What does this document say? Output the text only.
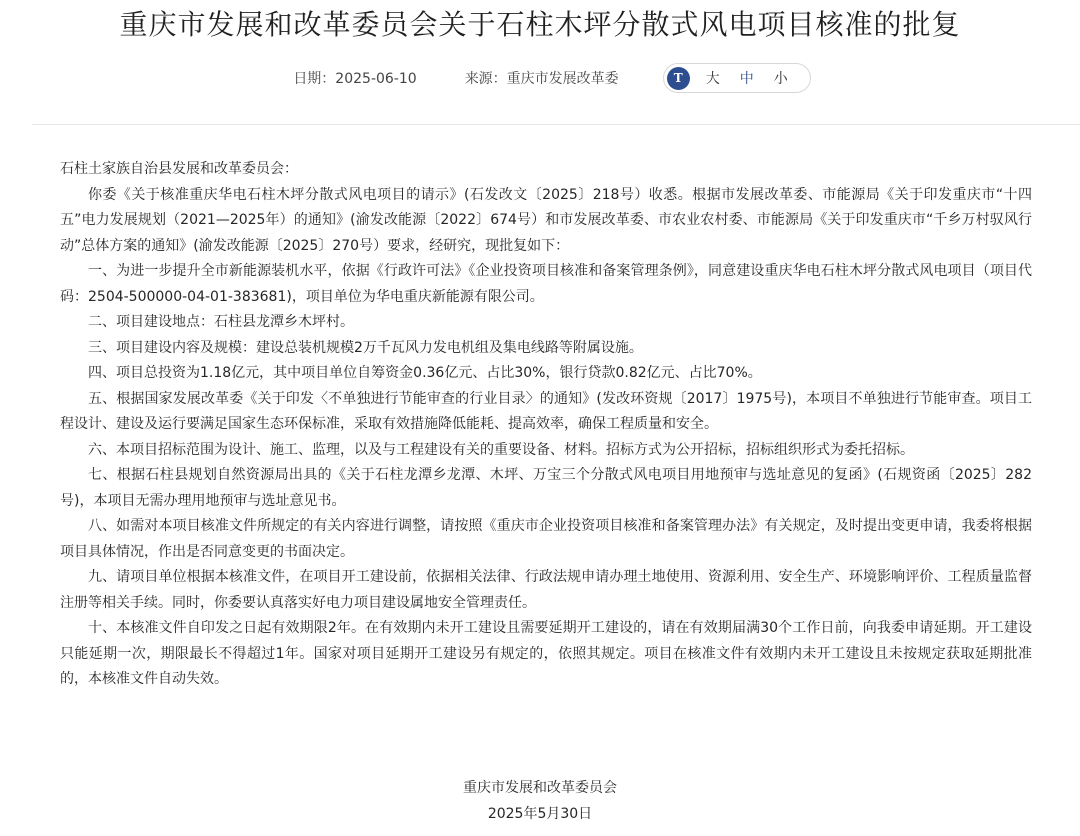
重庆市发展和改革委员会关于石柱木坪分散式风电项目核准的批复
日期：2025-06-10	来源：重庆市发展改革委	T	大 中 小

石柱土家族自治县发展和改革委员会：

你委《关于核准重庆华电石柱木坪分散式风电项目的请示》(石发改文〔2025〕218号）收悉。根据市发展改革委、市能源局《关于印发重庆市“十四五”电力发展规划（2021—2025年）的通知》(渝发改能源〔2022〕674号）和市发展改革委、市农业农村委、市能源局《关于印发重庆市“千乡万村驭风行动”总体方案的通知》(渝发改能源〔2025〕270号）要求，经研究，现批复如下：

一、为进一步提升全市新能源装机水平，依据《行政许可法》《企业投资项目核准和备案管理条例》，同意建设重庆华电石柱木坪分散式风电项目（项目代码：2504-500000-04-01-383681)，项目单位为华电重庆新能源有限公司。

二、项目建设地点：石柱县龙潭乡木坪村。

三、项目建设内容及规模：建设总装机规模2万千瓦风力发电机组及集电线路等附属设施。

四、项目总投资为1.18亿元，其中项目单位自筹资金0.36亿元、占比30%，银行贷款0.82亿元、占比70%。

五、根据国家发展改革委《关于印发〈不单独进行节能审查的行业目录〉的通知》(发改环资规〔2017〕1975号)，本项目不单独进行节能审查。项目工程设计、建设及运行要满足国家生态环保标准，采取有效措施降低能耗、提高效率，确保工程质量和安全。

六、本项目招标范围为设计、施工、监理，以及与工程建设有关的重要设备、材料。招标方式为公开招标，招标组织形式为委托招标。

七、根据石柱县规划自然资源局出具的《关于石柱龙潭乡龙潭、木坪、万宝三个分散式风电项目用地预审与选址意见的复函》(石规资函〔2025〕282号)，本项目无需办理用地预审与选址意见书。

八、如需对本项目核准文件所规定的有关内容进行调整，请按照《重庆市企业投资项目核准和备案管理办法》有关规定，及时提出变更申请，我委将根据项目具体情况，作出是否同意变更的书面决定。

九、请项目单位根据本核准文件，在项目开工建设前，依据相关法律、行政法规申请办理土地使用、资源利用、安全生产、环境影响评价、工程质量监督注册等相关手续。同时，你委要认真落实好电力项目建设属地安全管理责任。

十、本核准文件自印发之日起有效期限2年。在有效期内未开工建设且需要延期开工建设的，请在有效期届满30个工作日前，向我委申请延期。开工建设只能延期一次，期限最长不得超过1年。国家对项目延期开工建设另有规定的，依照其规定。项目在核准文件有效期内未开工建设且未按规定获取延期批准的，本核准文件自动失效。

重庆市发展和改革委员会
2025年5月30日
